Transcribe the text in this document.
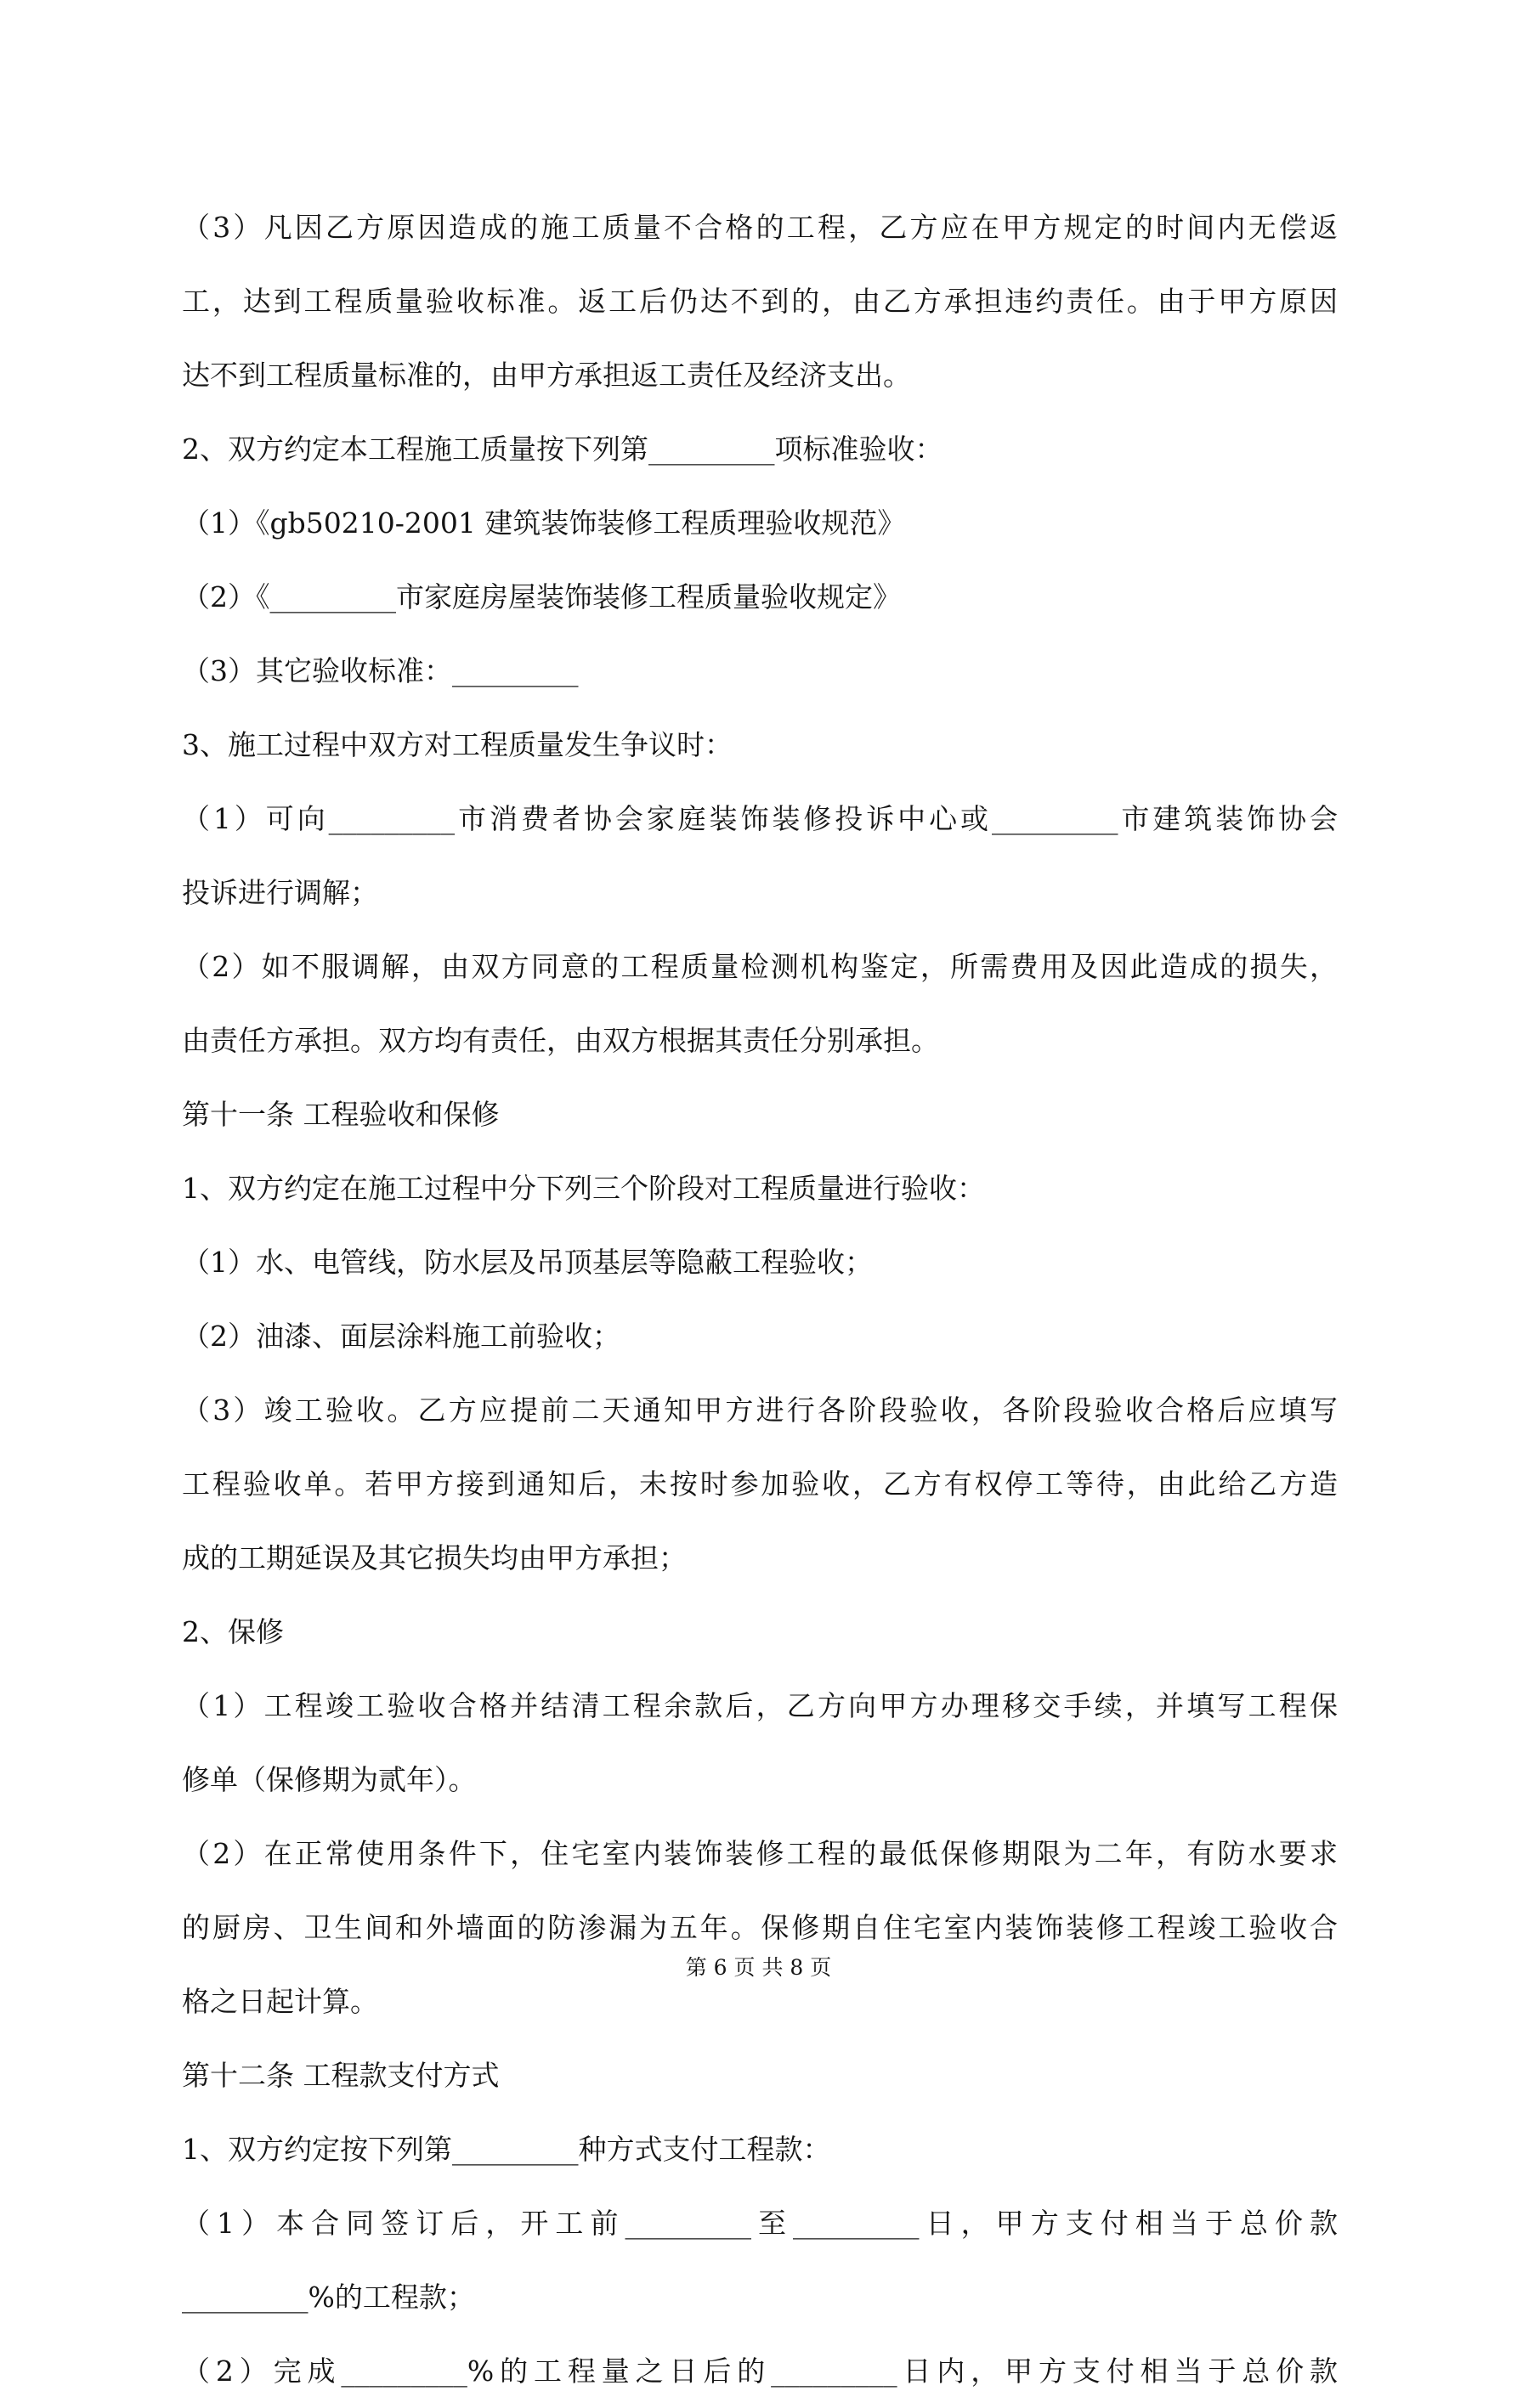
（3）凡因乙方原因造成的施工质量不合格的工程，乙方应在甲方规定的时间内无偿返
工，达到工程质量验收标准。返工后仍达不到的，由乙方承担违约责任。由于甲方原因
达不到工程质量标准的，由甲方承担返工责任及经济支出。
2、双方约定本工程施工质量按下列第_________项标准验收：
（1）《gb50210-2001 建筑装饰装修工程质理验收规范》
（2）《_________市家庭房屋装饰装修工程质量验收规定》
（3）其它验收标准：_________
3、施工过程中双方对工程质量发生争议时：
（1）可向_________市消费者协会家庭装饰装修投诉中心或_________市建筑装饰协会
投诉进行调解；
（2）如不服调解，由双方同意的工程质量检测机构鉴定，所需费用及因此造成的损失，
由责任方承担。双方均有责任，由双方根据其责任分别承担。
第十一条 工程验收和保修
1、双方约定在施工过程中分下列三个阶段对工程质量进行验收：
（1）水、电管线，防水层及吊顶基层等隐蔽工程验收；
（2）油漆、面层涂料施工前验收；
（3）竣工验收。乙方应提前二天通知甲方进行各阶段验收，各阶段验收合格后应填写
工程验收单。若甲方接到通知后，未按时参加验收，乙方有权停工等待，由此给乙方造
成的工期延误及其它损失均由甲方承担；
2、保修
（1）工程竣工验收合格并结清工程余款后，乙方向甲方办理移交手续，并填写工程保
修单（保修期为贰年）。
（2）在正常使用条件下，住宅室内装饰装修工程的最低保修期限为二年，有防水要求
的厨房、卫生间和外墙面的防渗漏为五年。保修期自住宅室内装饰装修工程竣工验收合
格之日起计算。
第十二条 工程款支付方式
1、双方约定按下列第_________种方式支付工程款：
（1）本合同签订后，开工前_________至_________日，甲方支付相当于总价款
_________%的工程款；
（2）完成_________%的工程量之日后的_________日内，甲方支付相当于总价款
第 6 页 共 8 页
